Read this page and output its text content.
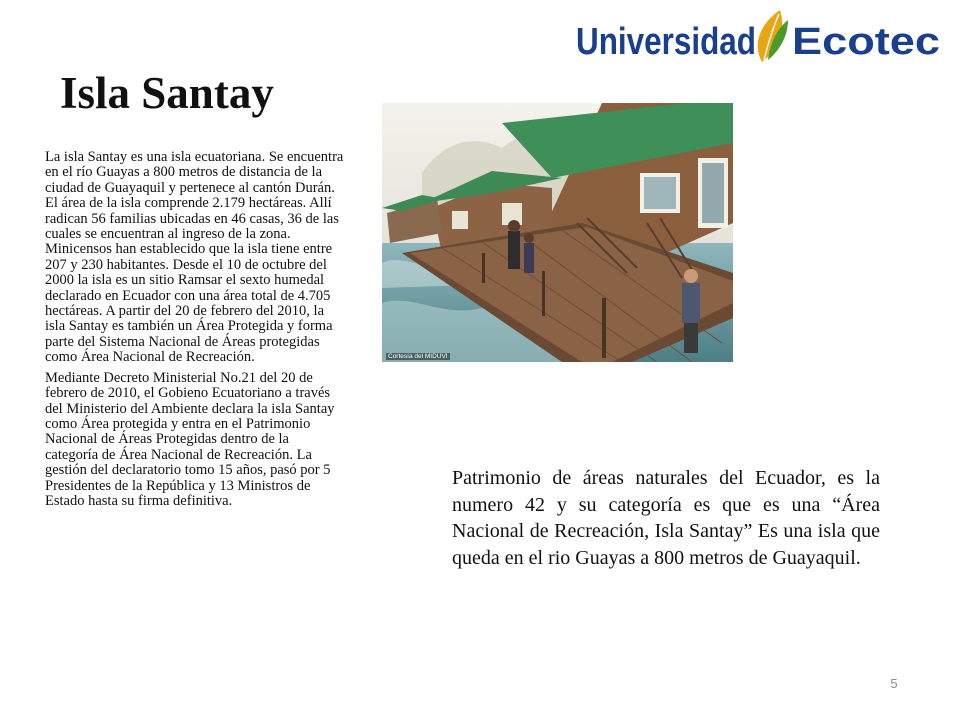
Universidad Ecotec
Isla Santay

La isla Santay es una isla ecuatoriana. Se encuentra en el río Guayas a 800 metros de distancia de la ciudad de Guayaquil y pertenece al cantón Durán. El área de la isla comprende 2.179 hectáreas. Allí radican 56 familias ubicadas en 46 casas, 36 de las cuales se encuentran al ingreso de la zona. Minicensos han establecido que la isla tiene entre 207 y 230 habitantes. Desde el 10 de octubre del 2000 la isla es un sitio Ramsar el sexto humedal declarado en Ecuador con una área total de 4.705 hectáreas. A partir del 20 de febrero del 2010, la isla Santay es también un Área Protegida y forma parte del Sistema Nacional de Áreas protegidas como Área Nacional de Recreación.

Mediante Decreto Ministerial No.21 del 20 de febrero de 2010, el Gobieno Ecuatoriano a través del Ministerio del Ambiente declara la isla Santay como Área protegida y entra en el Patrimonio Nacional de Áreas Protegidas dentro de la categoría de Área Nacional de Recreación. La gestión del declaratorio tomo 15 años, pasó por 5 Presidentes de la República y 13 Ministros de Estado hasta su firma definitiva.

Cortesía del MIDUVI

Patrimonio de áreas naturales del Ecuador, es la numero 42 y su categoría es que es una “Área Nacional de Recreación, Isla Santay” Es una isla que queda en el rio Guayas a 800 metros de Guayaquil.

5
